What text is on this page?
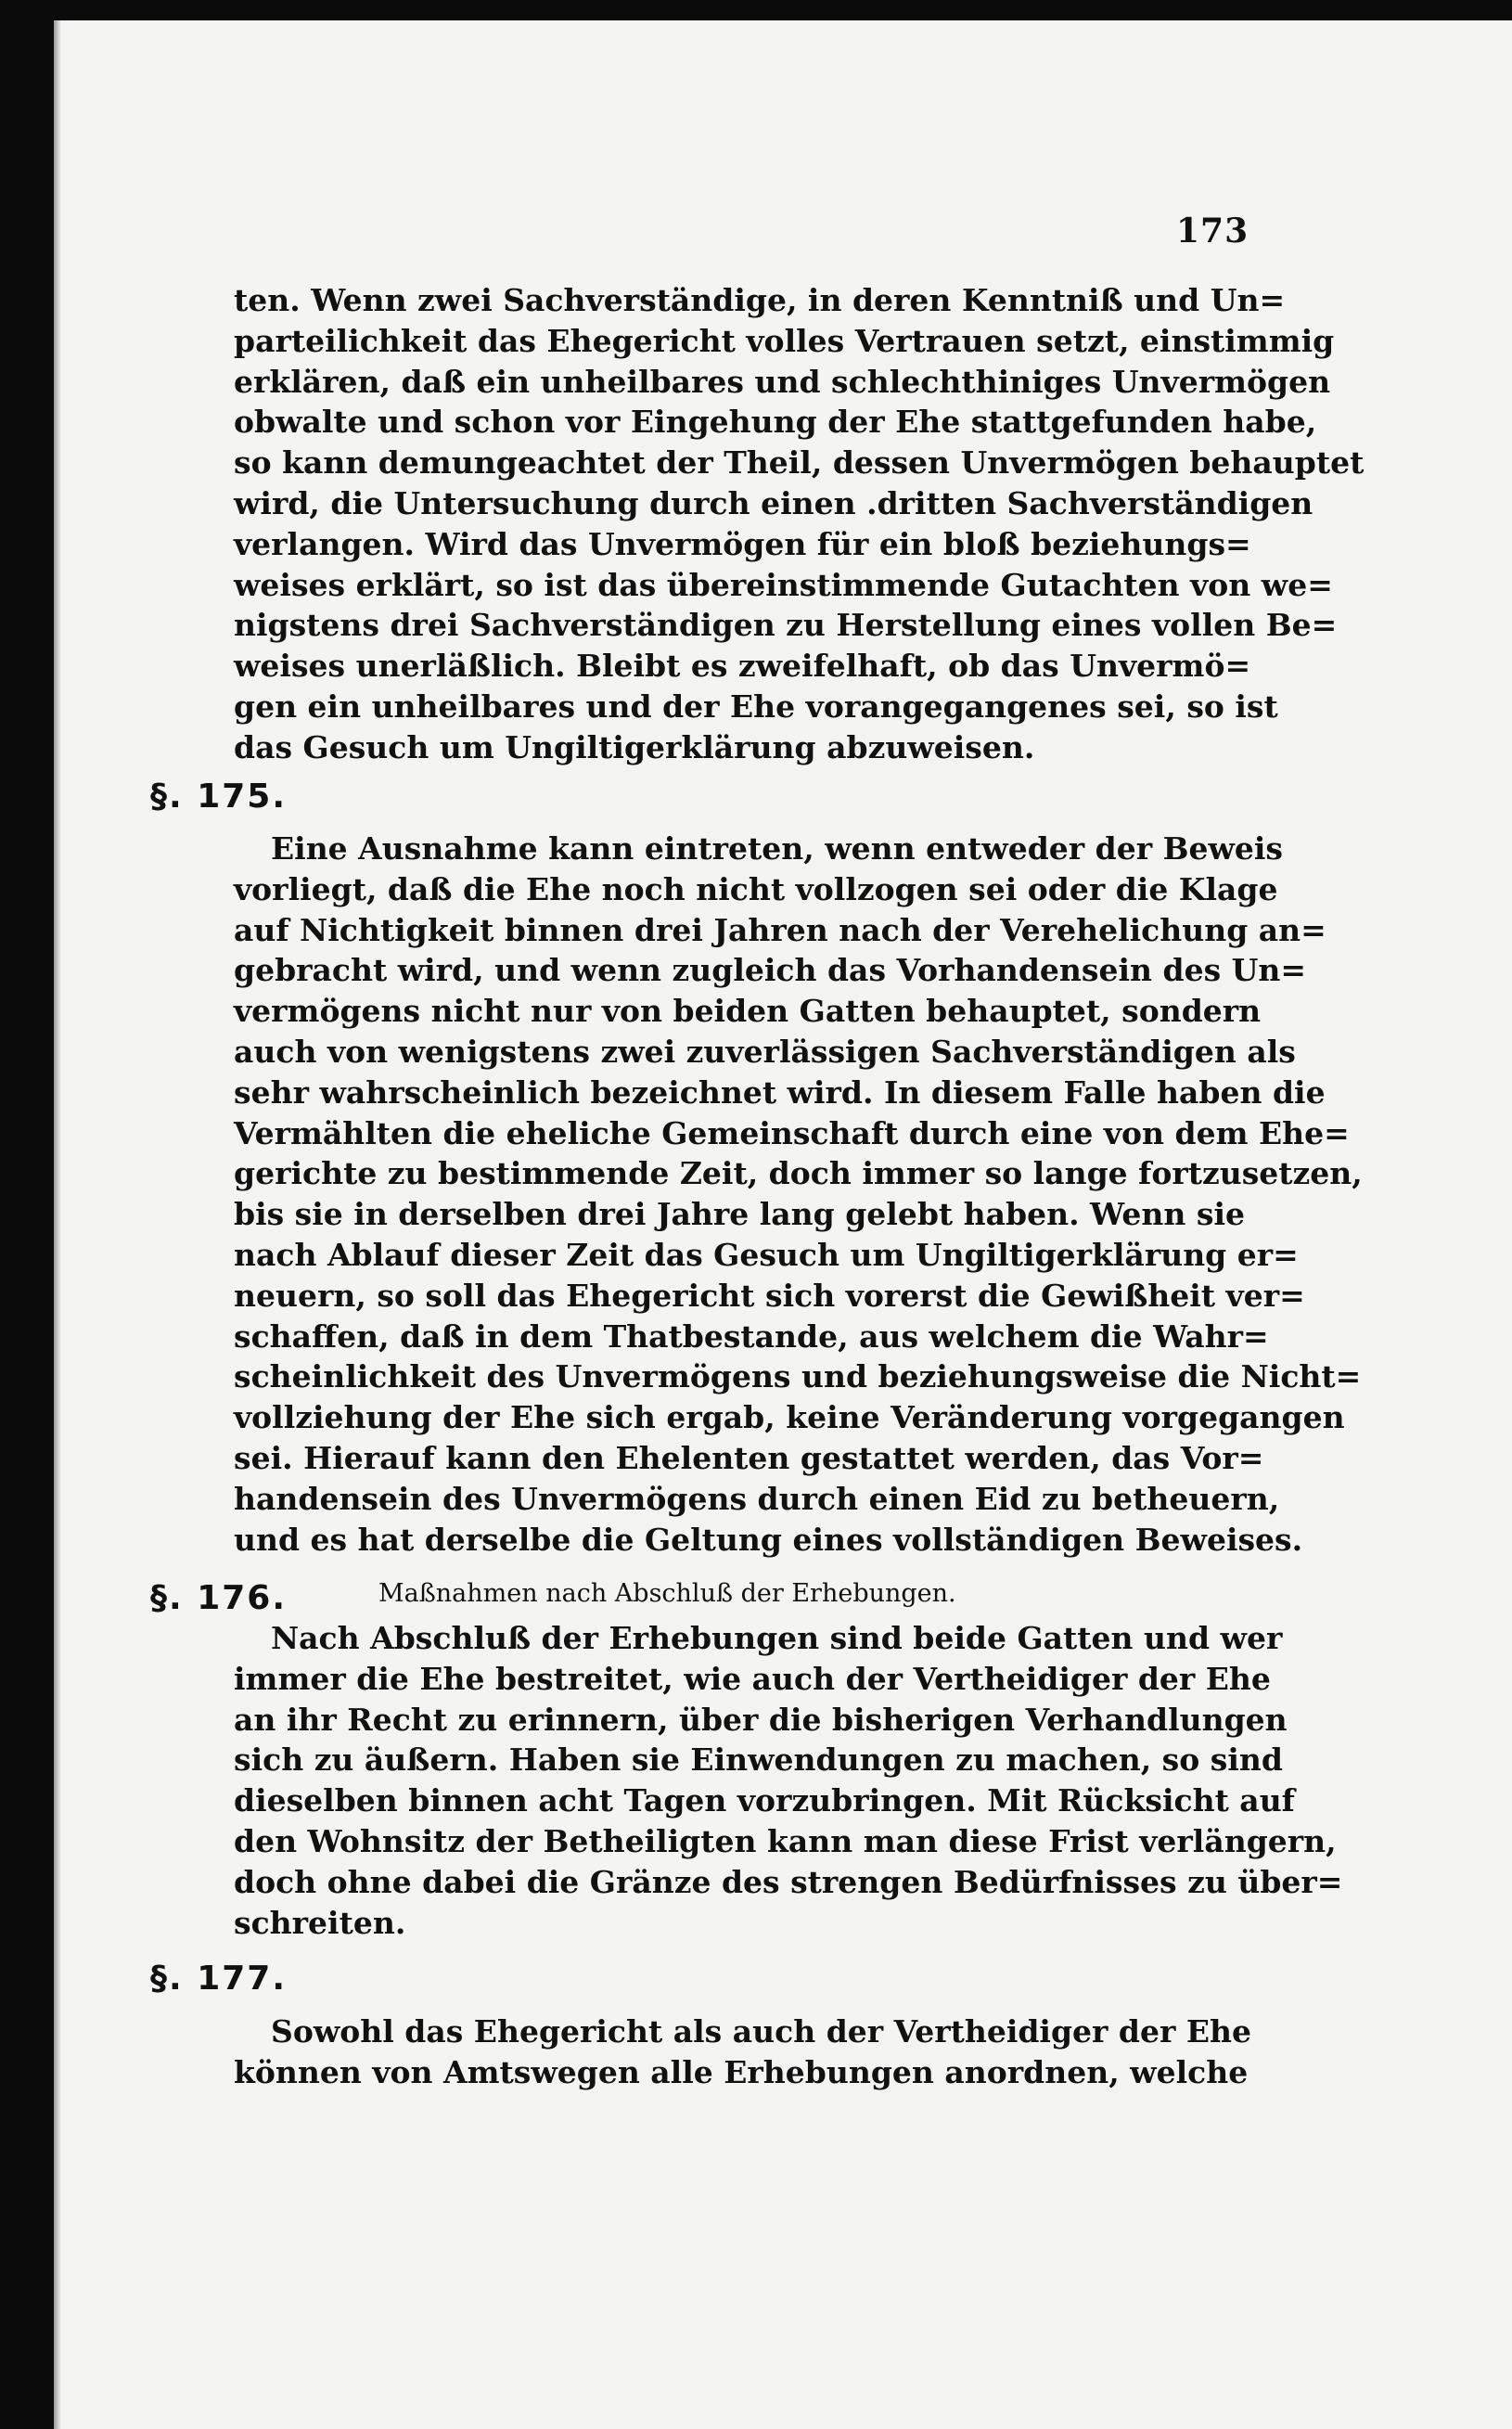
173
ten. Wenn zwei Sachverständige, in deren Kenntniß und Un=
parteilichkeit das Ehegericht volles Vertrauen setzt, einstimmig
erklären, daß ein unheilbares und schlechthiniges Unvermögen
obwalte und schon vor Eingehung der Ehe stattgefunden habe,
so kann demungeachtet der Theil, dessen Unvermögen behauptet
wird, die Untersuchung durch einen .dritten Sachverständigen
verlangen. Wird das Unvermögen für ein bloß beziehungs=
weises erklärt, so ist das übereinstimmende Gutachten von we=
nigstens drei Sachverständigen zu Herstellung eines vollen Be=
weises unerläßlich. Bleibt es zweifelhaft, ob das Unvermö=
gen ein unheilbares und der Ehe vorangegangenes sei, so ist
das Gesuch um Ungiltigerklärung abzuweisen.
§. 175.
Eine Ausnahme kann eintreten, wenn entweder der Beweis
vorliegt, daß die Ehe noch nicht vollzogen sei oder die Klage
auf Nichtigkeit binnen drei Jahren nach der Verehelichung an=
gebracht wird, und wenn zugleich das Vorhandensein des Un=
vermögens nicht nur von beiden Gatten behauptet, sondern
auch von wenigstens zwei zuverlässigen Sachverständigen als
sehr wahrscheinlich bezeichnet wird. In diesem Falle haben die
Vermählten die eheliche Gemeinschaft durch eine von dem Ehe=
gerichte zu bestimmende Zeit, doch immer so lange fortzusetzen,
bis sie in derselben drei Jahre lang gelebt haben. Wenn sie
nach Ablauf dieser Zeit das Gesuch um Ungiltigerklärung er=
neuern, so soll das Ehegericht sich vorerst die Gewißheit ver=
schaffen, daß in dem Thatbestande, aus welchem die Wahr=
scheinlichkeit des Unvermögens und beziehungsweise die Nicht=
vollziehung der Ehe sich ergab, keine Veränderung vorgegangen
sei. Hierauf kann den Ehelenten gestattet werden, das Vor=
handensein des Unvermögens durch einen Eid zu betheuern,
und es hat derselbe die Geltung eines vollständigen Beweises.
§. 176.	Maßnahmen nach Abschluß der Erhebungen.
Nach Abschluß der Erhebungen sind beide Gatten und wer
immer die Ehe bestreitet, wie auch der Vertheidiger der Ehe
an ihr Recht zu erinnern, über die bisherigen Verhandlungen
sich zu äußern. Haben sie Einwendungen zu machen, so sind
dieselben binnen acht Tagen vorzubringen. Mit Rücksicht auf
den Wohnsitz der Betheiligten kann man diese Frist verlängern,
doch ohne dabei die Gränze des strengen Bedürfnisses zu über=
schreiten.
§. 177.
Sowohl das Ehegericht als auch der Vertheidiger der Ehe
können von Amtswegen alle Erhebungen anordnen, welche
